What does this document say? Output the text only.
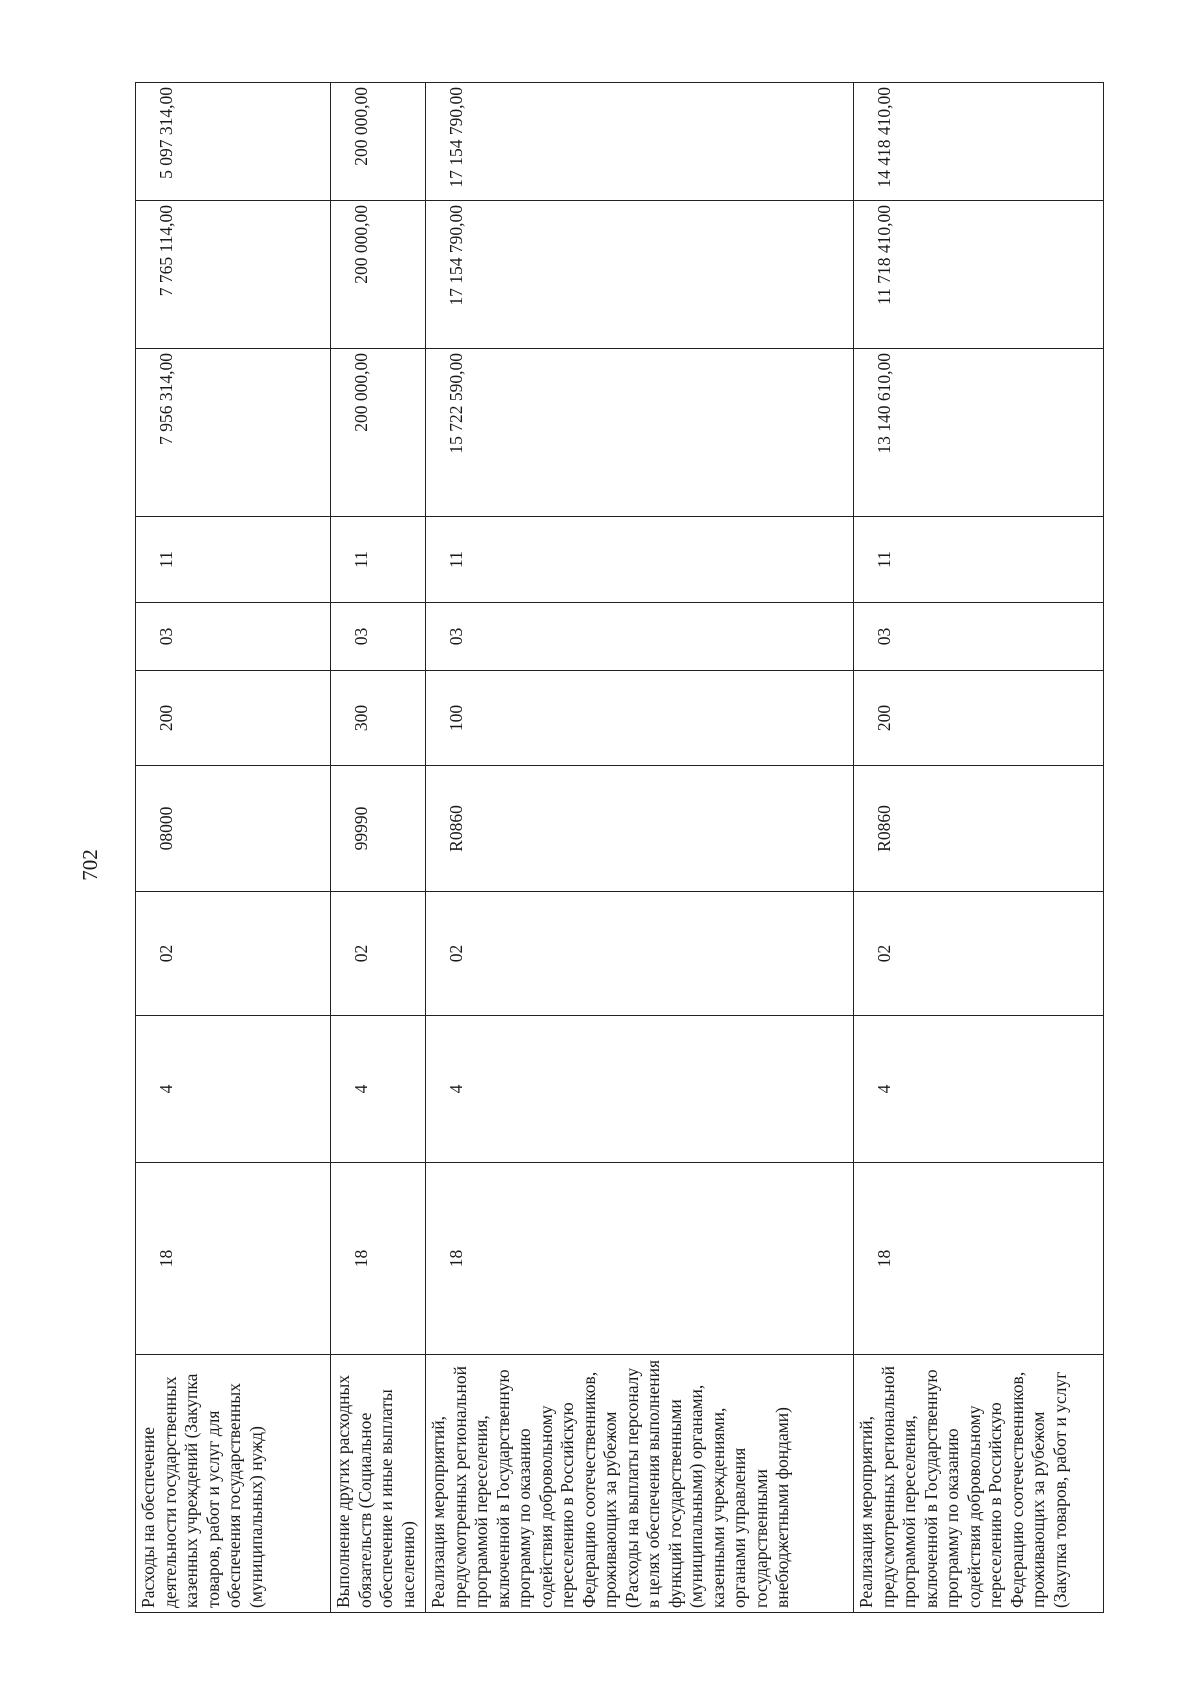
702
Расходы на обеспечение деятельности государственных казенных учреждений (Закупка товаров, работ и услуг для обеспечения государственных (муниципальных) нужд)	18	4	02	08000	200	03	11	7 956 314,00	7 765 114,00	5 097 314,00
Выполнение других расходных обязательств (Социальное обеспечение и иные выплаты населению)	18	4	02	99990	300	03	11	200 000,00	200 000,00	200 000,00
Реализация мероприятий, предусмотренных региональной программой переселения, включенной в Государственную программу по оказанию содействия добровольному переселению в Российскую Федерацию соотечественников, проживающих за рубежом (Расходы на выплаты персоналу в целях обеспечения выполнения функций государственными (муниципальными) органами, казенными учреждениями, органами управления государственными внебюджетными фондами)	18	4	02	R0860	100	03	11	15 722 590,00	17 154 790,00	17 154 790,00
Реализация мероприятий, предусмотренных региональной программой переселения, включенной в Государственную программу по оказанию содействия добровольному переселению в Российскую Федерацию соотечественников, проживающих за рубежом (Закупка товаров, работ и услуг	18	4	02	R0860	200	03	11	13 140 610,00	11 718 410,00	14 418 410,00
